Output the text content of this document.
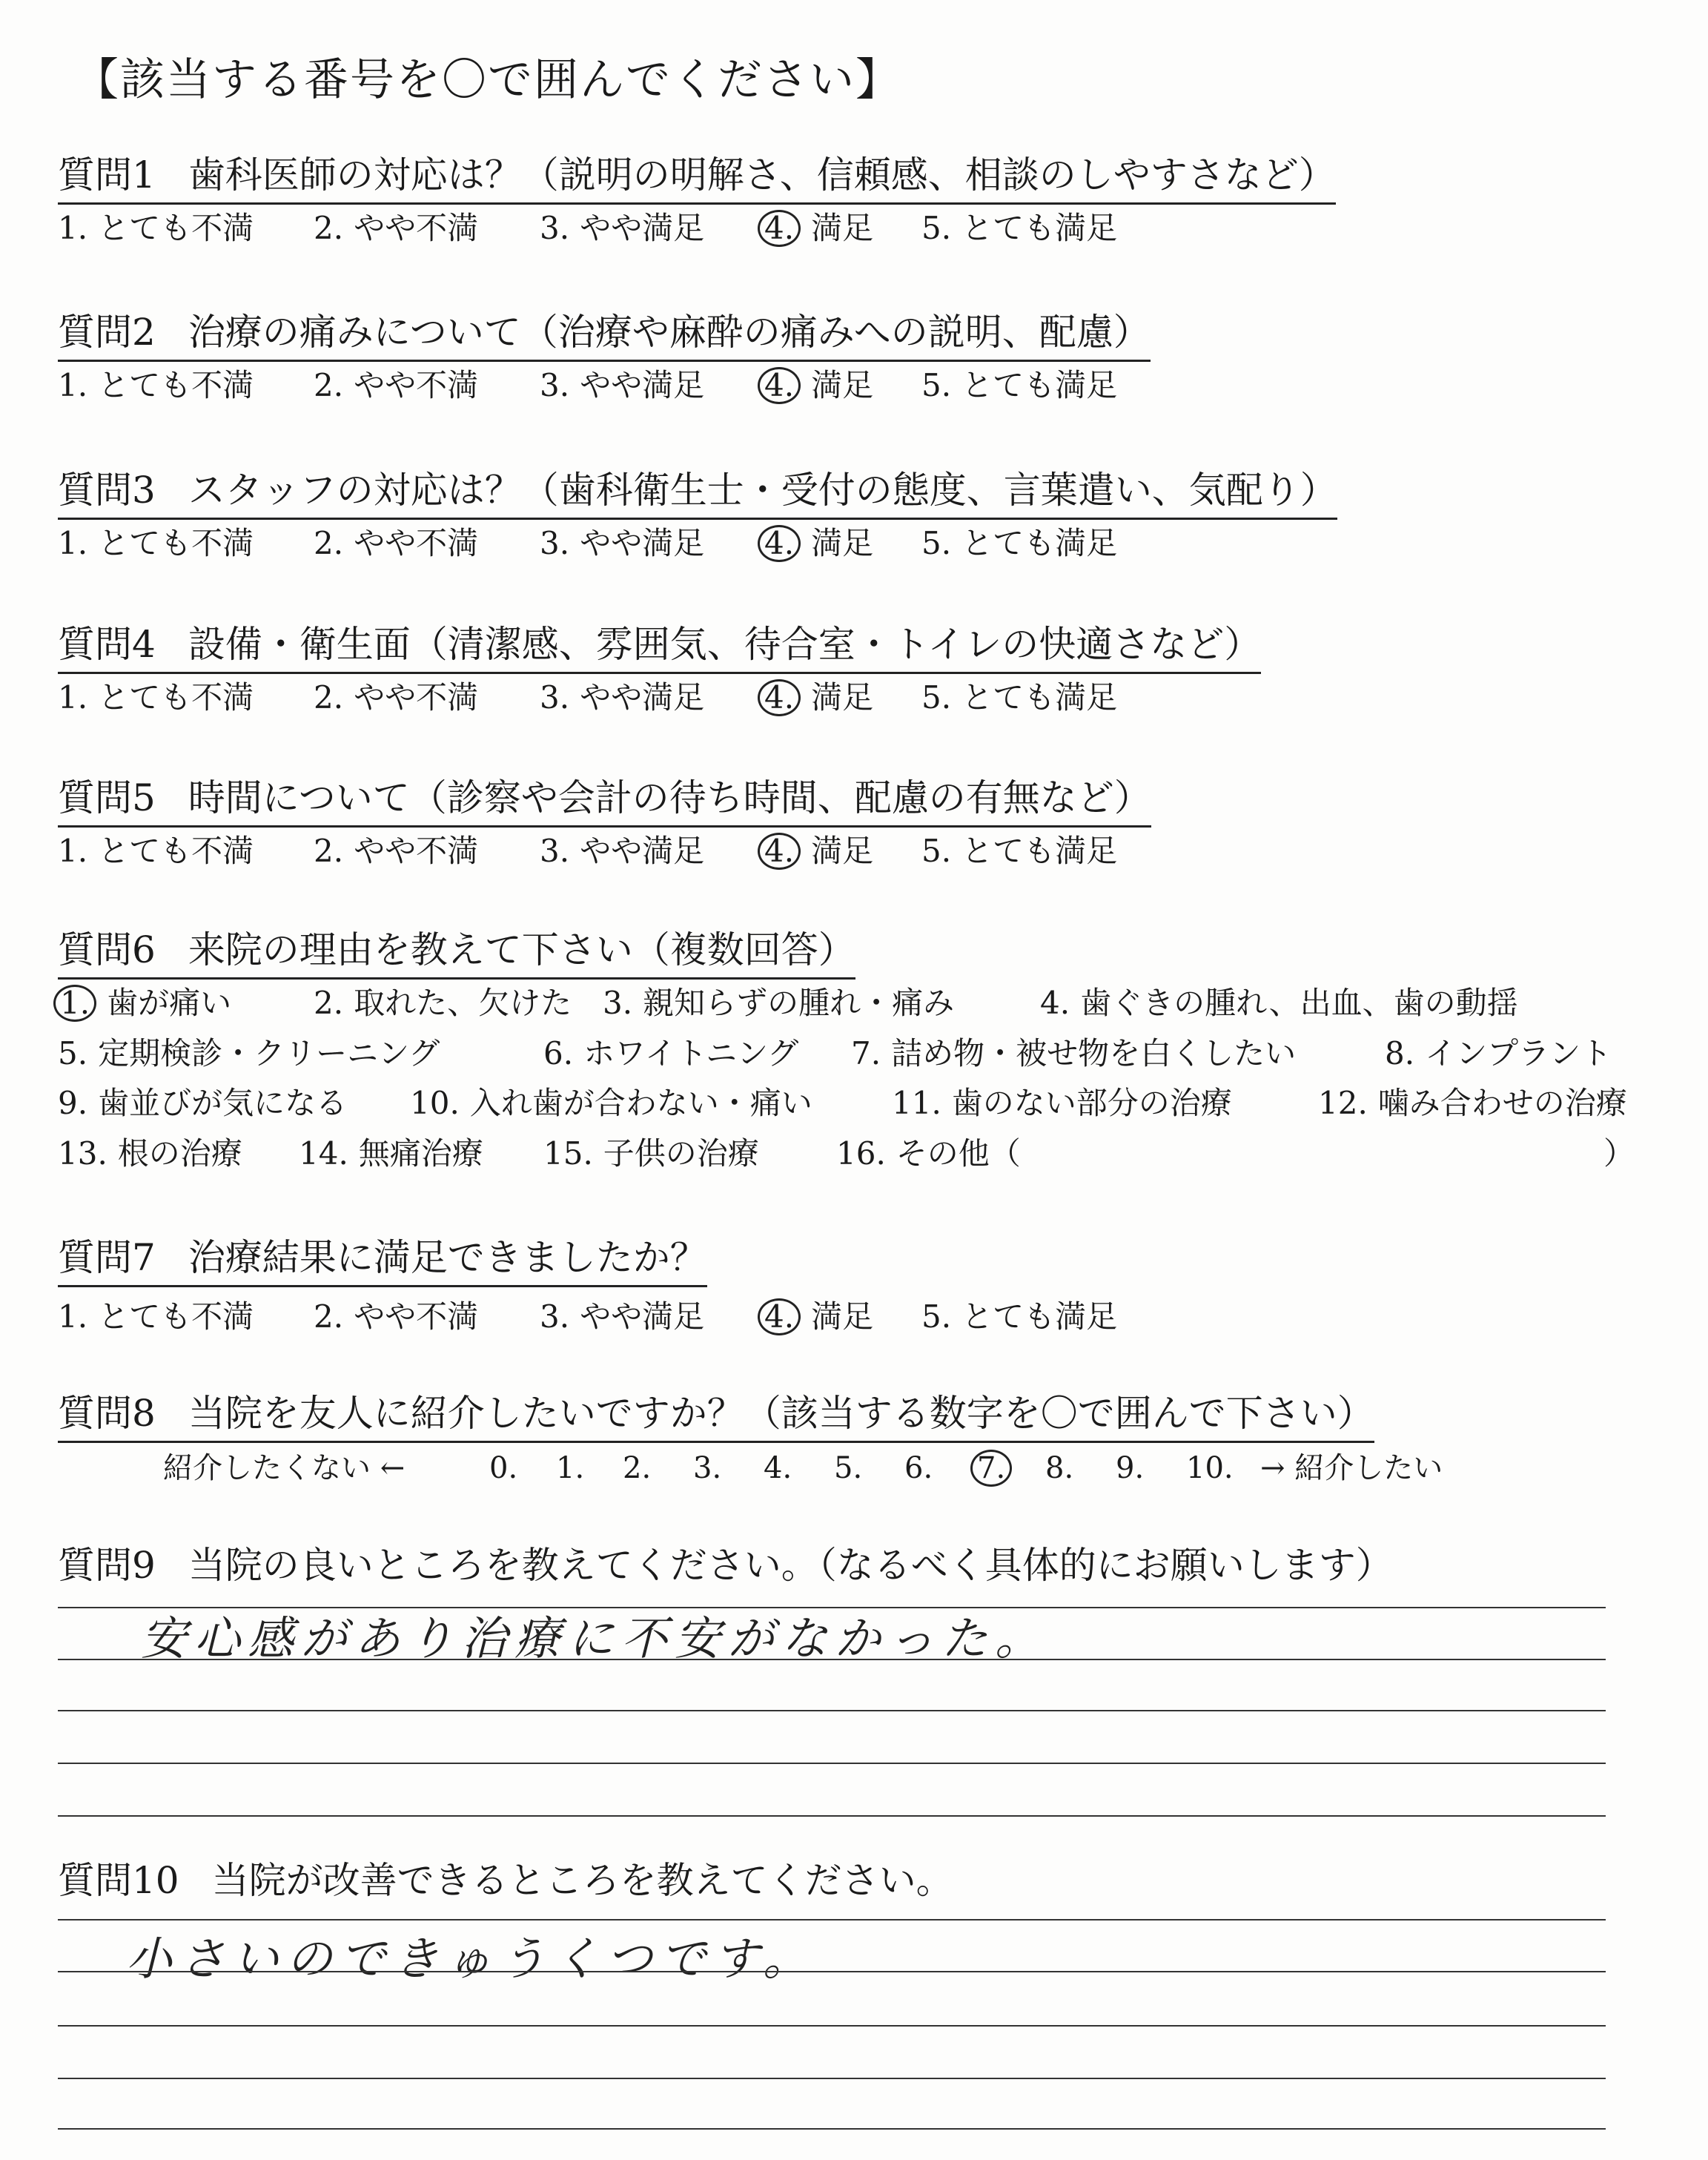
【該当する番号を〇で囲んでください】
質問1 歯科医師の対応は？（説明の明解さ、信頼感、相談のしやすさなど）
1. とても不満 2. やや不満 3. やや満足 4. 満足 5. とても満足
質問2 治療の痛みについて（治療や麻酔の痛みへの説明、配慮）
1. とても不満 2. やや不満 3. やや満足 4. 満足 5. とても満足
質問3 スタッフの対応は？（歯科衛生士・受付の態度、言葉遣い、気配り）
1. とても不満 2. やや不満 3. やや満足 4. 満足 5. とても満足
質問4 設備・衛生面（清潔感、雰囲気、待合室・トイレの快適さなど）
1. とても不満 2. やや不満 3. やや満足 4. 満足 5. とても満足
質問5 時間について（診察や会計の待ち時間、配慮の有無など）
1. とても不満 2. やや不満 3. やや満足 4. 満足 5. とても満足
質問6 来院の理由を教えて下さい（複数回答）
1. 歯が痛い	2. 取れた、欠けた 3. 親知らずの腫れ・痛み	4. 歯ぐきの腫れ、出血、歯の動揺
5. 定期検診・クリーニング	6. ホワイトニング 7. 詰め物・被せ物を白くしたい	8. インプラント
9. 歯並びが気になる 10. 入れ歯が合わない・痛い	11. 歯のない部分の治療	12. 噛み合わせの治療
13. 根の治療 14. 無痛治療 15. 子供の治療 16. その他（	）
質問7 治療結果に満足できましたか？
1. とても不満 2. やや不満 3. やや満足 4. 満足 5. とても満足
質問8 当院を友人に紹介したいですか？（該当する数字を〇で囲んで下さい）
紹介したくない ←	→ 紹介したい
0.	1.	2.	3.	4.	5.	6.	7.	8.	9.	10.
質問9 当院の良いところを教えてください。（なるべく具体的にお願いします）
安心感があり治療に不安がなかった。
質問10 当院が改善できるところを教えてください。
小さいのできゅうくつです。
